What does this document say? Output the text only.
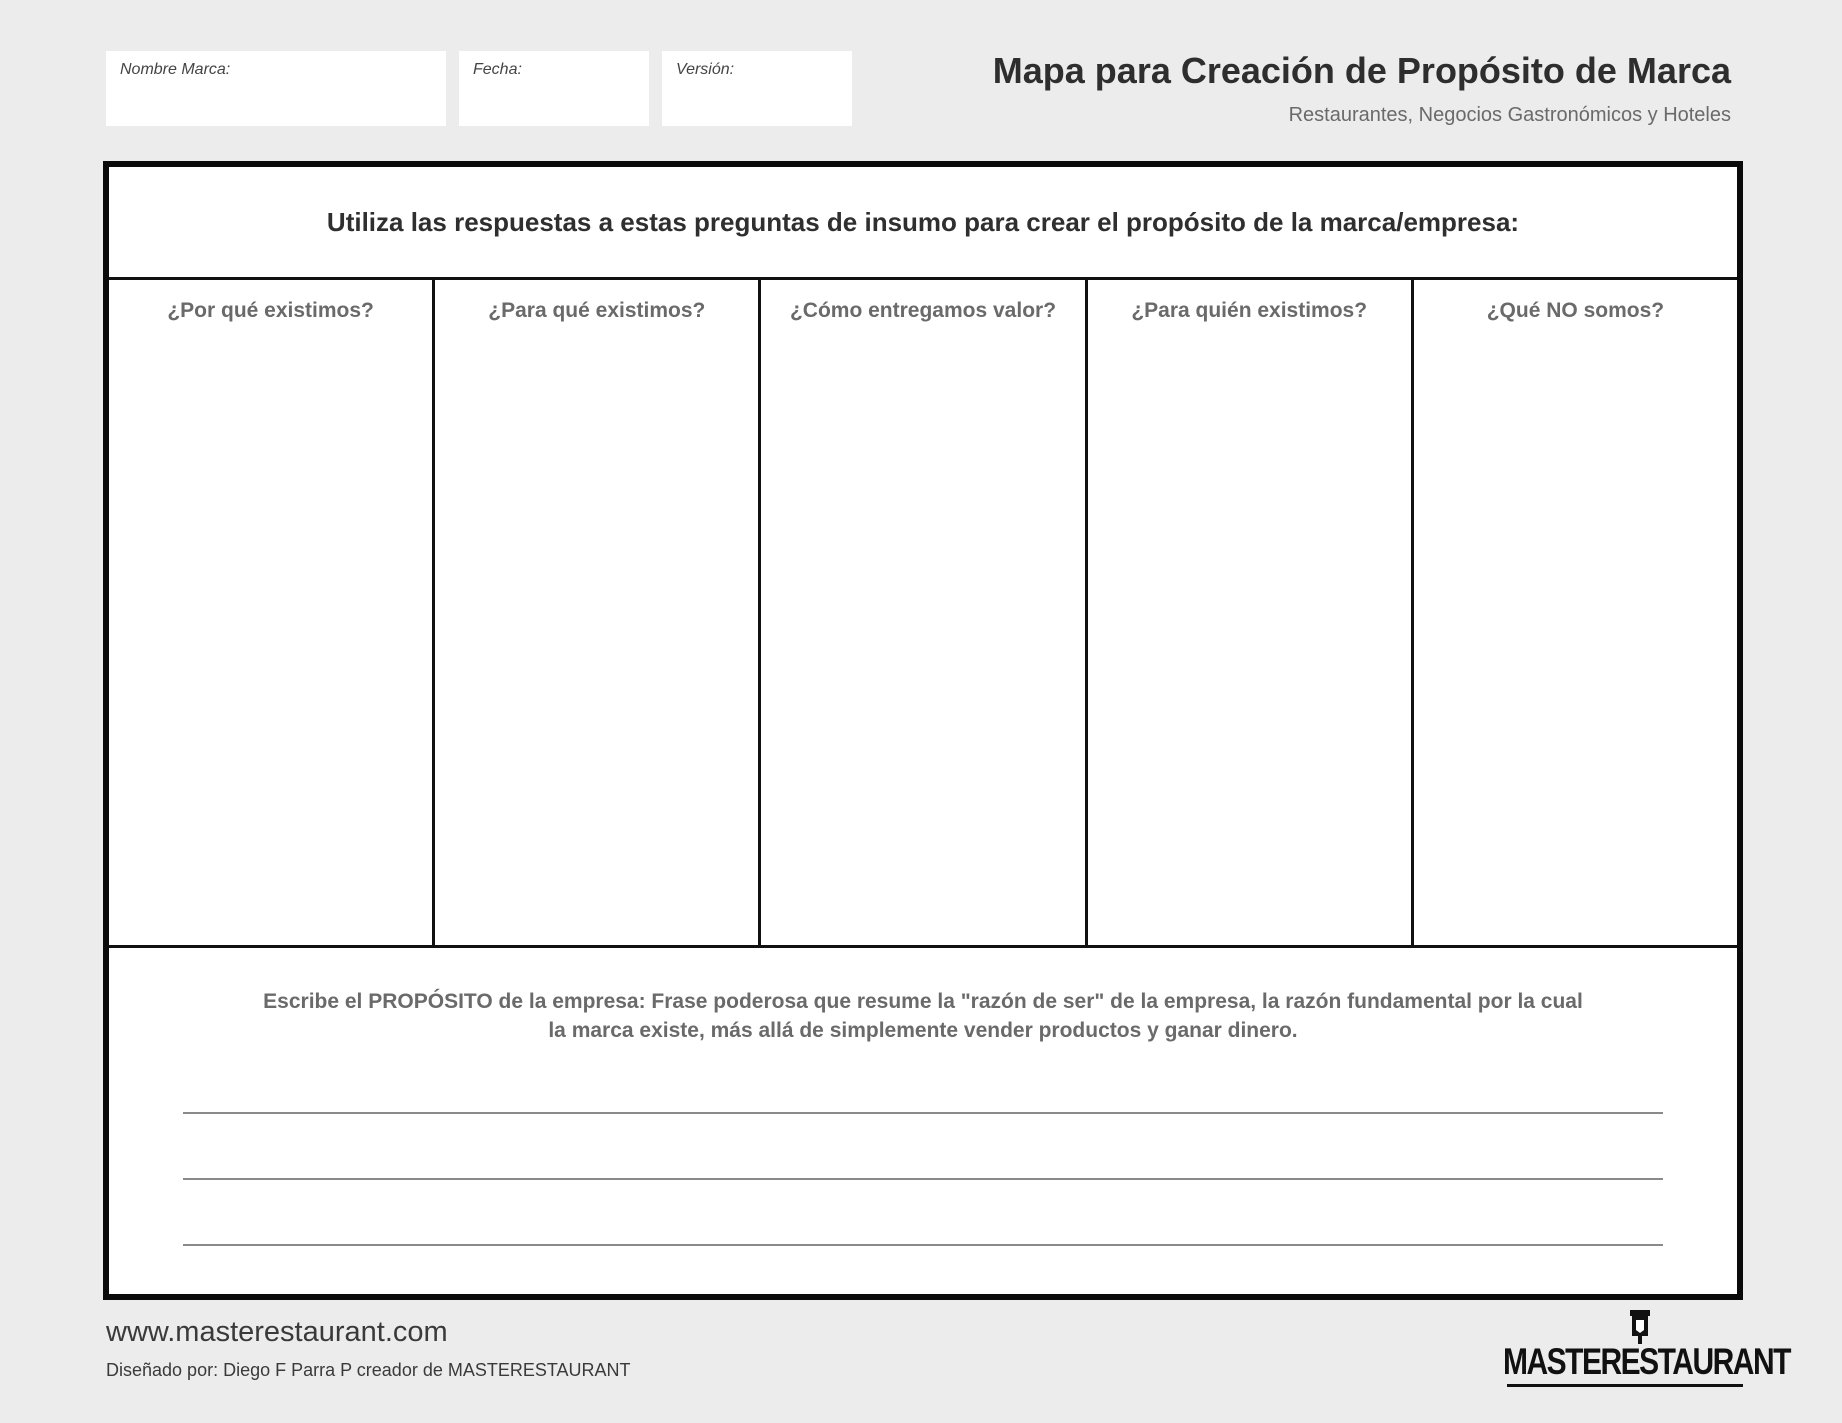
Nombre Marca:	Fecha:	Versión:	Mapa para Creación de Propósito de Marca
Restaurantes, Negocios Gastronómicos y Hoteles
Utiliza las respuestas a estas preguntas de insumo para crear el propósito de la marca/empresa:
¿Por qué existimos?	¿Para qué existimos?	¿Cómo entregamos valor?	¿Para quién existimos?	¿Qué NO somos?
Escribe el PROPÓSITO de la empresa: Frase poderosa que resume la "razón de ser" de la empresa, la razón fundamental por la cual
la marca existe, más allá de simplemente vender productos y ganar dinero.
www.masterestaurant.com
Diseñado por: Diego F Parra P creador de MASTERESTAURANT	MASTERESTAURANT
